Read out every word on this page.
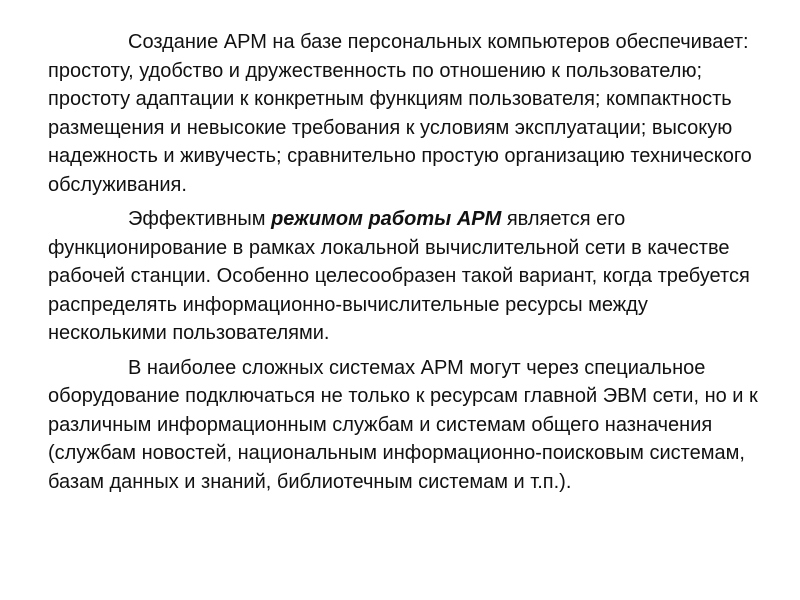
Создание АРМ на базе персональных компьютеров обеспечивает: простоту, удобство и дружественность по отношению к пользователю; простоту адаптации к конкретным функциям пользователя; компактность размещения и невысокие требования к условиям эксплуатации; высокую надежность и живучесть; сравнительно простую организацию технического обслуживания.

Эффективным режимом работы АРМ является его функционирование в рамках локальной вычислительной сети в качестве рабочей станции. Особенно целесообразен такой вариант, когда требуется распределять информационно-вычислительные ресурсы между несколькими пользователями.

В наиболее сложных системах АРМ могут через специальное оборудование подключаться не только к ресурсам главной ЭВМ сети, но и к различным информационным службам и системам общего назначения (службам новостей, национальным информационно-поисковым системам, базам данных и знаний, библиотечным системам и т.п.).
